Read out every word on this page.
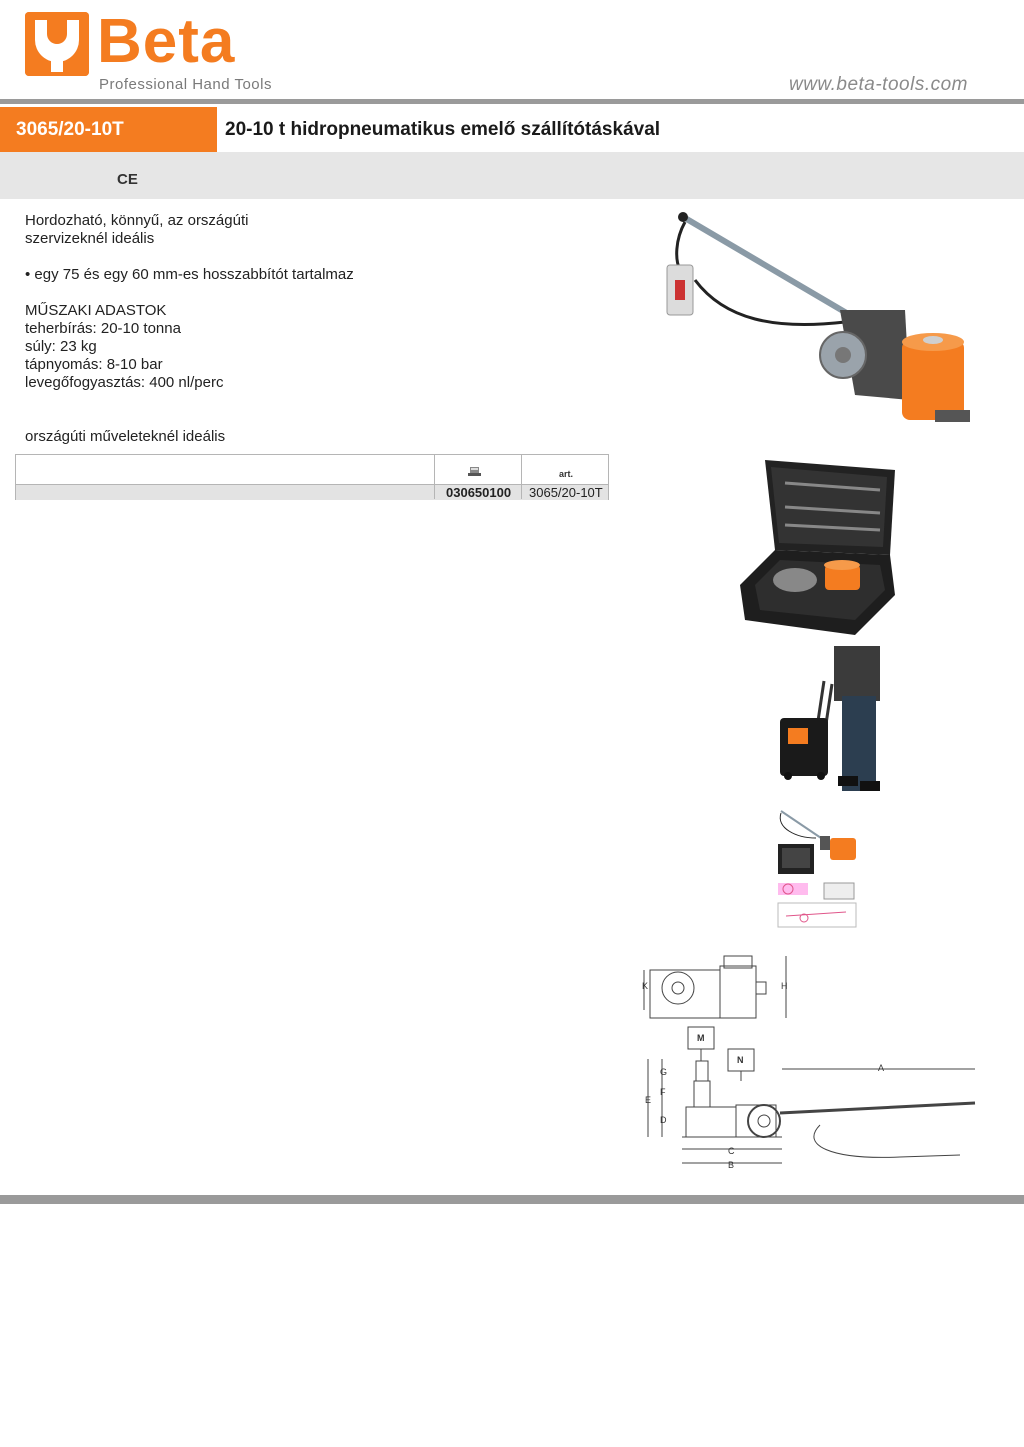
Beta
Professional Hand Tools	www.beta-tools.com
3065/20-10T	20-10 t hidropneumatikus emelő szállítótáskával
CE

Hordozható, könnyű, az országúti

szervizeknél ideális

• egy 75 és egy 60 mm-es hosszabbítót tartalmaz

MŰSZAKI ADASTOK

teherbírás: 20-10 tonna

súly: 23 kg

tápnyomás: 8-10 bar

levegőfogyasztás: 400 nl/perc

országúti műveleteknél ideális

art.
030650100 3065/20-10T
K	H
M
N
A
G
F
E
D
C
B
